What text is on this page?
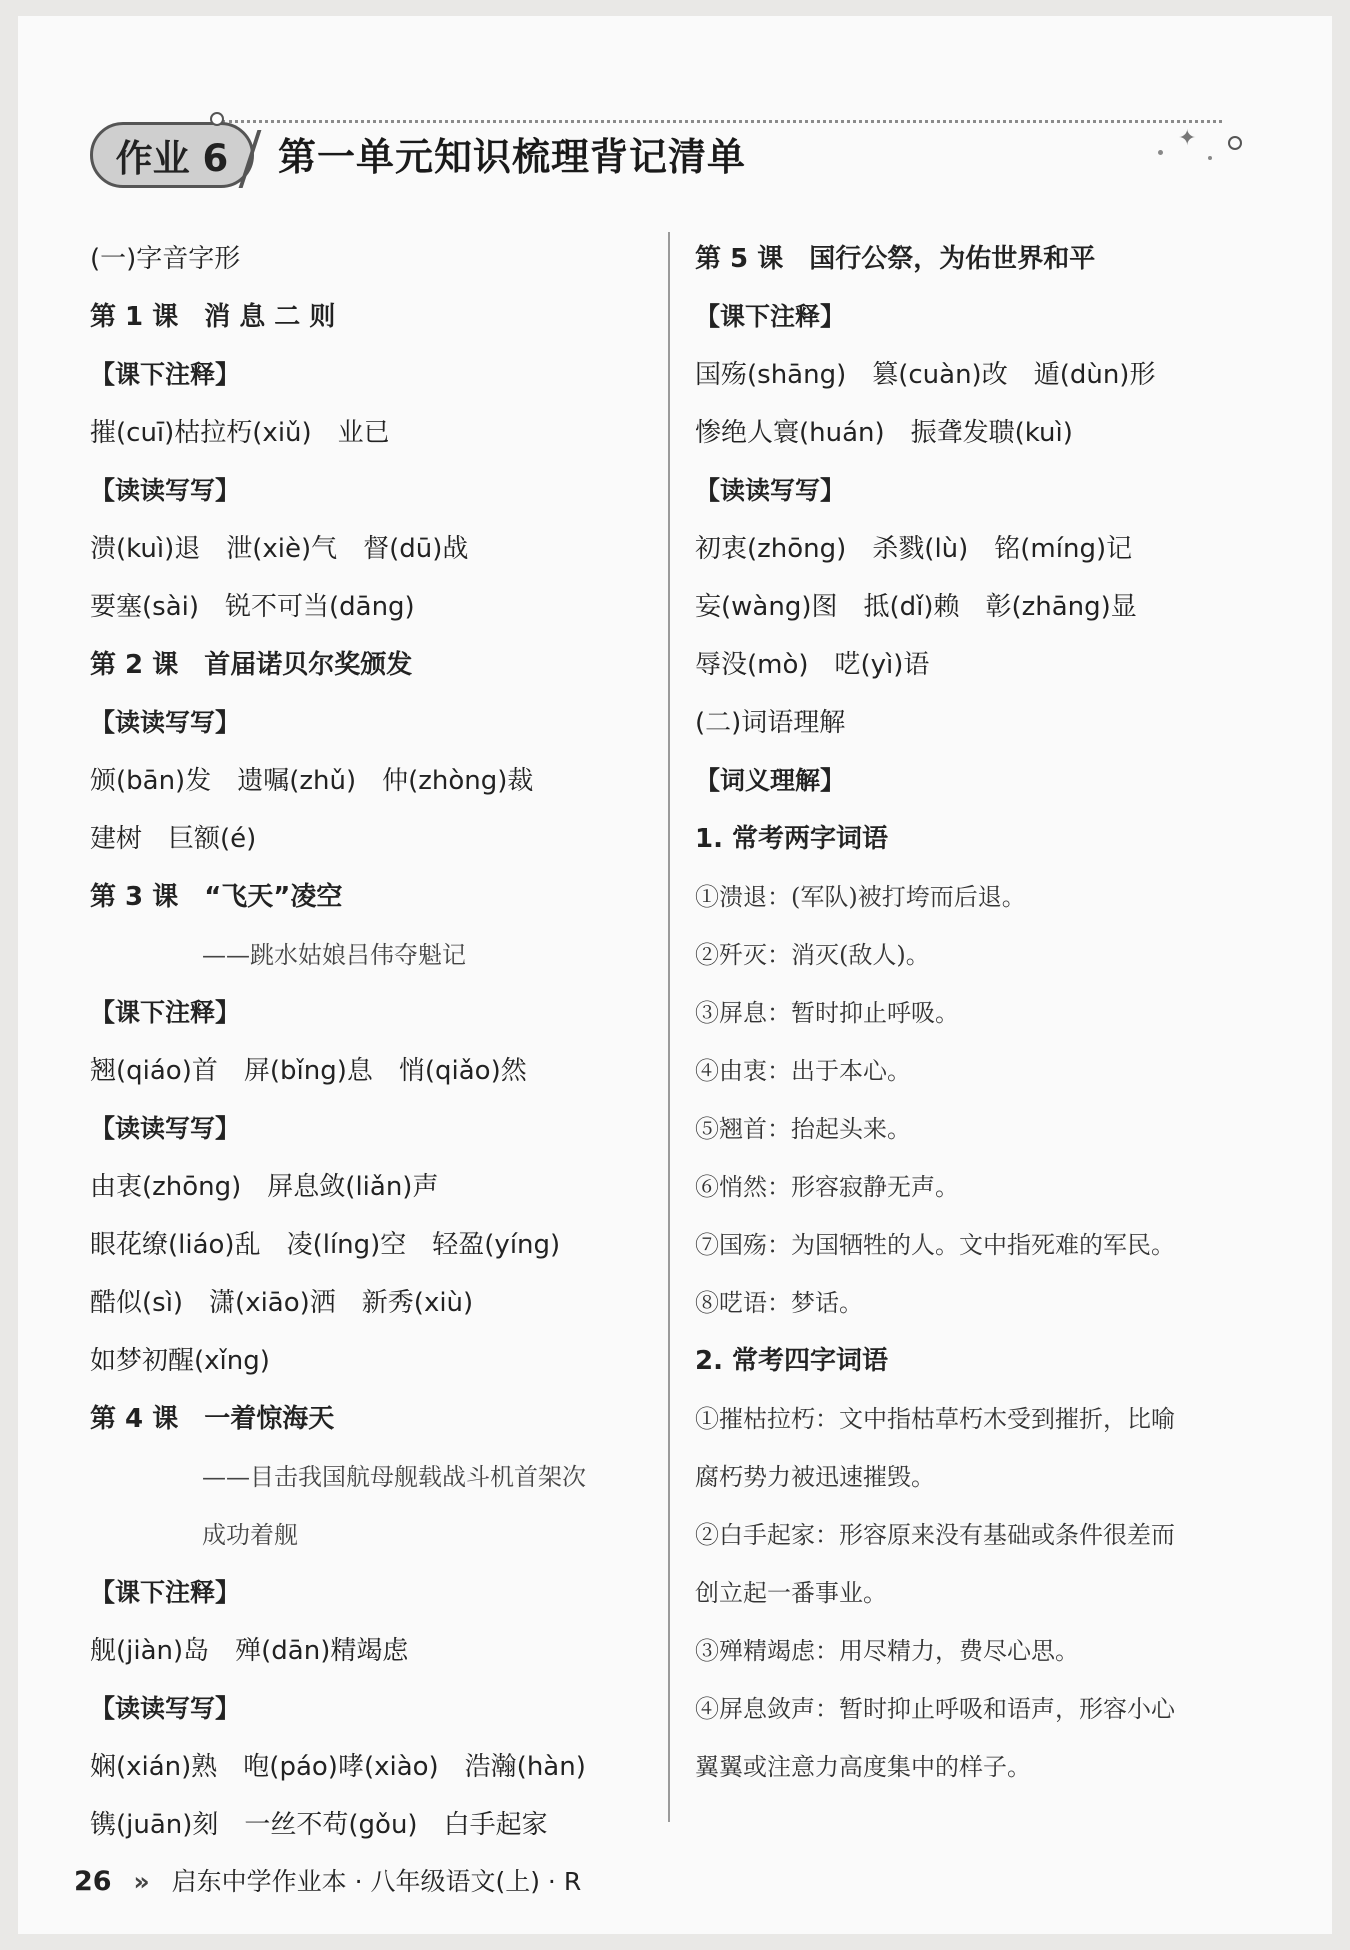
作业 6 第一单元知识梳理背记清单	✦
(一)字音字形
第 1 课　消 息 二 则
【课下注释】
摧(cuī)枯拉朽(xiǔ)　业已
【读读写写】
溃(kuì)退　泄(xiè)气　督(dū)战
要塞(sài)　锐不可当(dāng)
第 2 课　首届诺贝尔奖颁发
【读读写写】
颁(bān)发　遗嘱(zhǔ)　仲(zhòng)裁
建树　巨额(é)
第 3 课　“飞天”凌空
——跳水姑娘吕伟夺魁记
【课下注释】
翘(qiáo)首　屏(bǐng)息　悄(qiǎo)然
【读读写写】
由衷(zhōng)　屏息敛(liǎn)声
眼花缭(liáo)乱　凌(líng)空　轻盈(yíng)
酷似(sì)　潇(xiāo)洒　新秀(xiù)
如梦初醒(xǐng)
第 4 课　一着惊海天
——目击我国航母舰载战斗机首架次
成功着舰
【课下注释】
舰(jiàn)岛　殚(dān)精竭虑
【读读写写】
娴(xián)熟　咆(páo)哮(xiào)　浩瀚(hàn)
镌(juān)刻　一丝不苟(gǒu)　白手起家
第 5 课　国行公祭，为佑世界和平
【课下注释】
国殇(shāng)　篡(cuàn)改　遁(dùn)形
惨绝人寰(huán)　振聋发聩(kuì)
【读读写写】
初衷(zhōng)　杀戮(lù)　铭(míng)记
妄(wàng)图　抵(dǐ)赖　彰(zhāng)显
辱没(mò)　呓(yì)语
(二)词语理解
【词义理解】
1. 常考两字词语
①溃退：(军队)被打垮而后退。
②歼灭：消灭(敌人)。
③屏息：暂时抑止呼吸。
④由衷：出于本心。
⑤翘首：抬起头来。
⑥悄然：形容寂静无声。
⑦国殇：为国牺牲的人。文中指死难的军民。
⑧呓语：梦话。
2. 常考四字词语
①摧枯拉朽：文中指枯草朽木受到摧折，比喻
腐朽势力被迅速摧毁。
②白手起家：形容原来没有基础或条件很差而
创立起一番事业。
③殚精竭虑：用尽精力，费尽心思。
④屏息敛声：暂时抑止呼吸和语声，形容小心
翼翼或注意力高度集中的样子。
26 » 启东中学作业本 · 八年级语文(上) · R
